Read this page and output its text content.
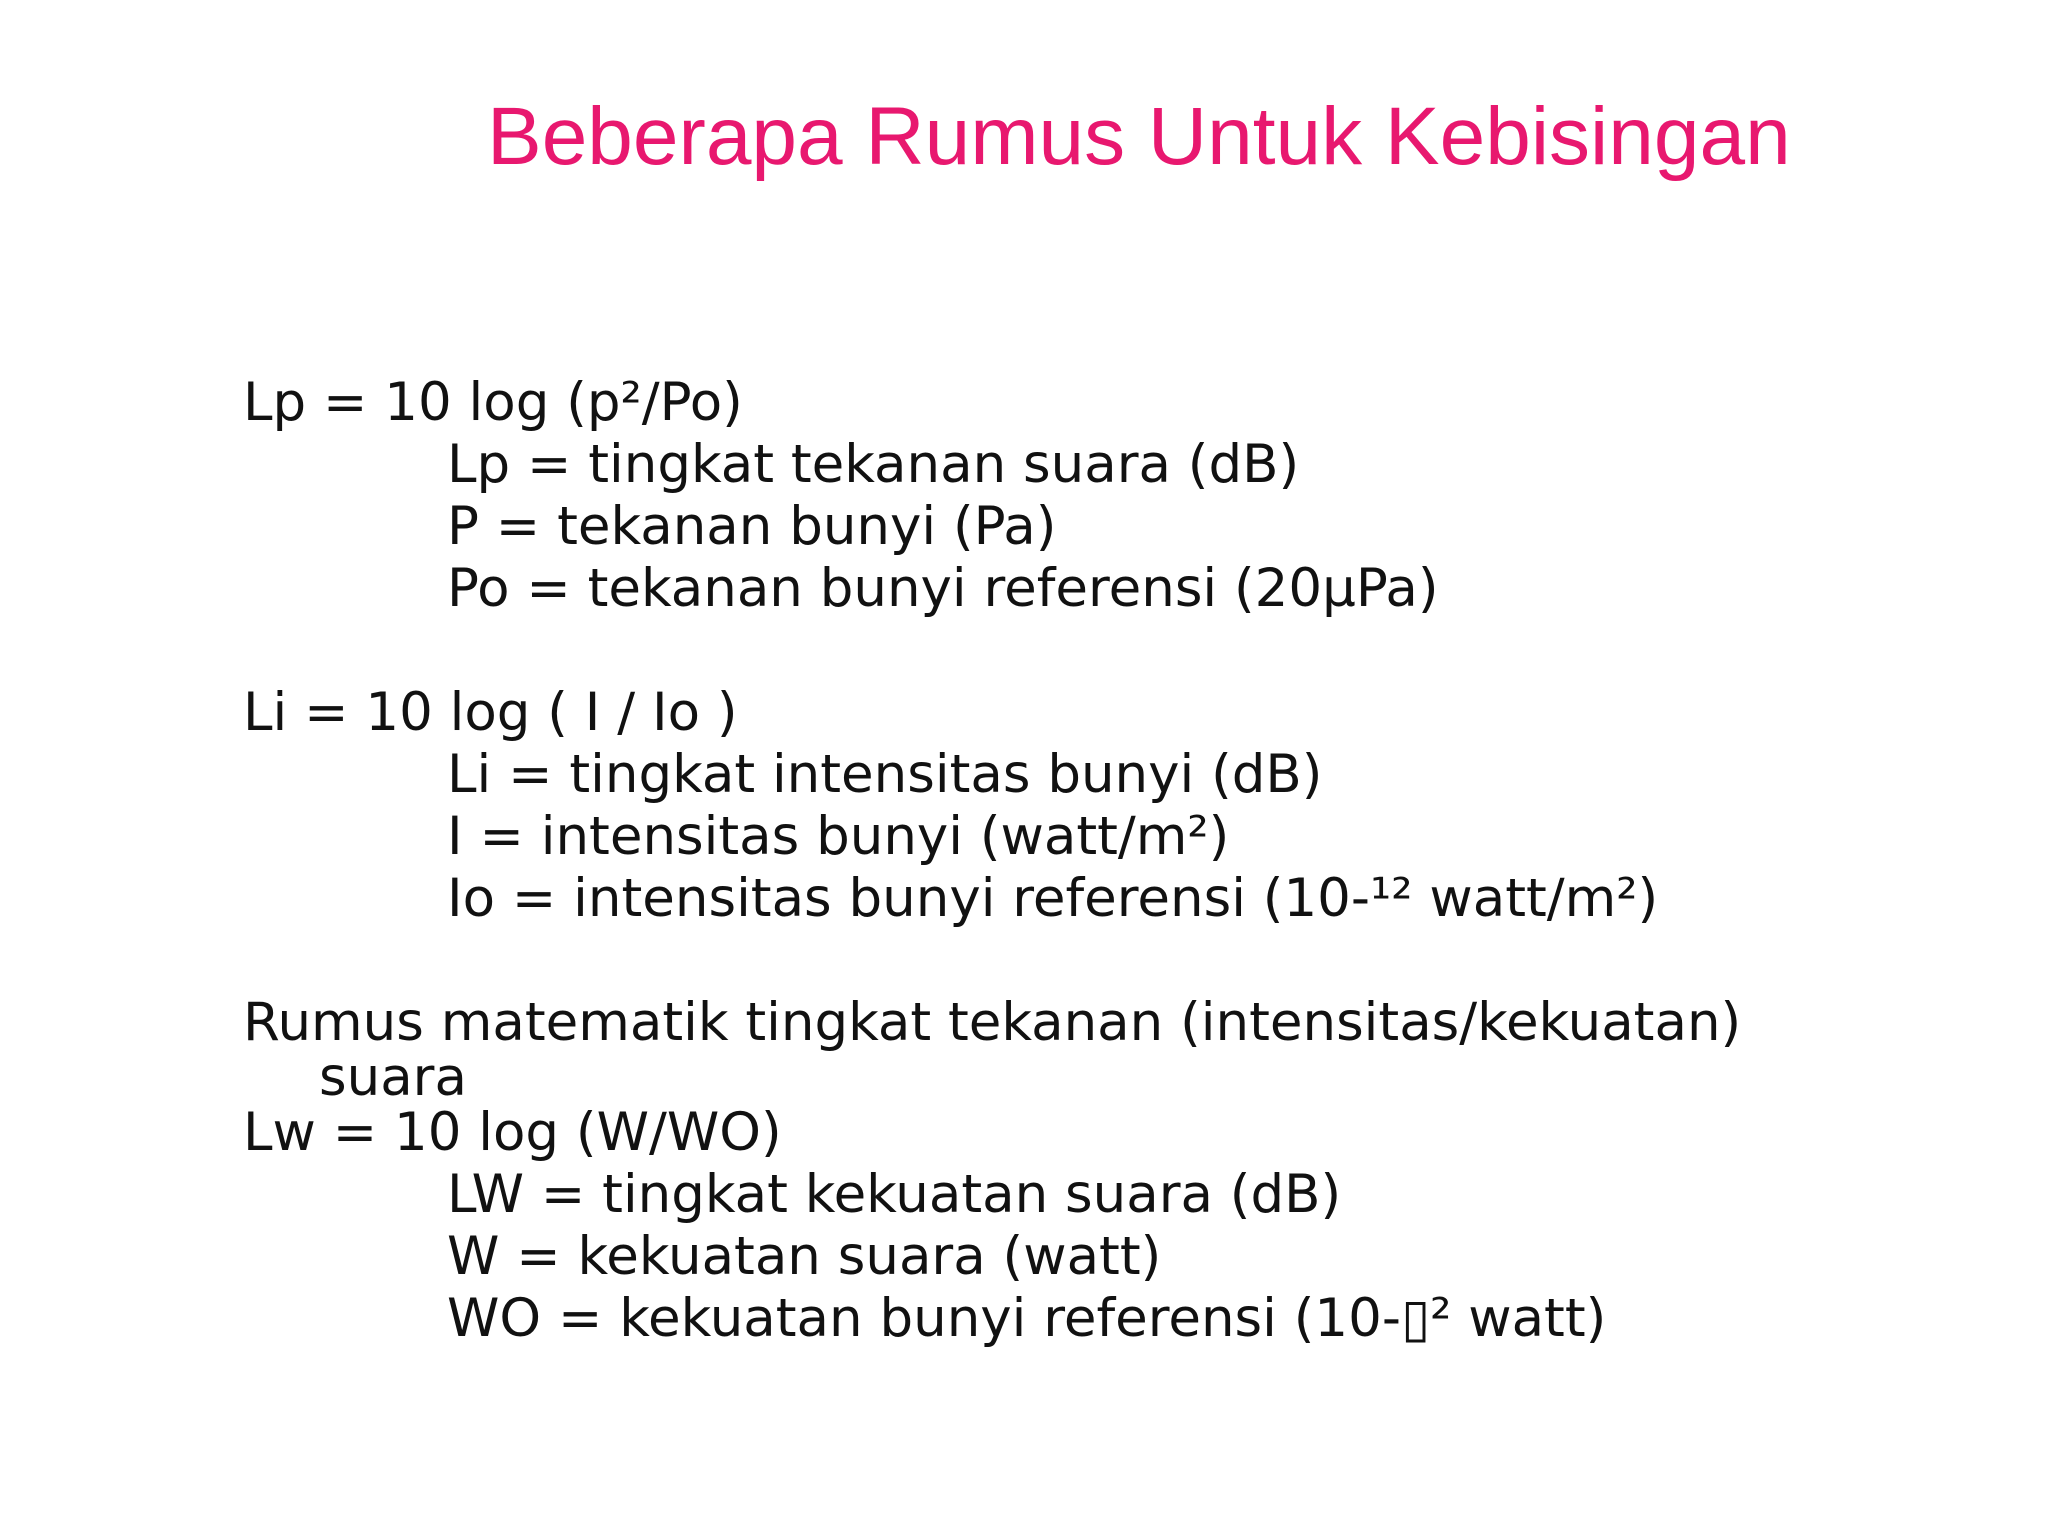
Beberapa Rumus Untuk Kebisingan
Lp = 10 log (p²/Po)
Lp = tingkat tekanan suara (dB)
P = tekanan bunyi (Pa)
Po = tekanan bunyi referensi (20μPa)
Li = 10 log ( I / Io )
Li = tingkat intensitas bunyi (dB)
I = intensitas bunyi (watt/m²)
Io = intensitas bunyi referensi (10-¹² watt/m²)
Rumus matematik tingkat tekanan (intensitas/kekuatan)
suara
Lw = 10 log (W/WO)
LW = tingkat kekuatan suara (dB)
W = kekuatan suara (watt)
WO = kekuatan bunyi referensi (10-▯² watt)
